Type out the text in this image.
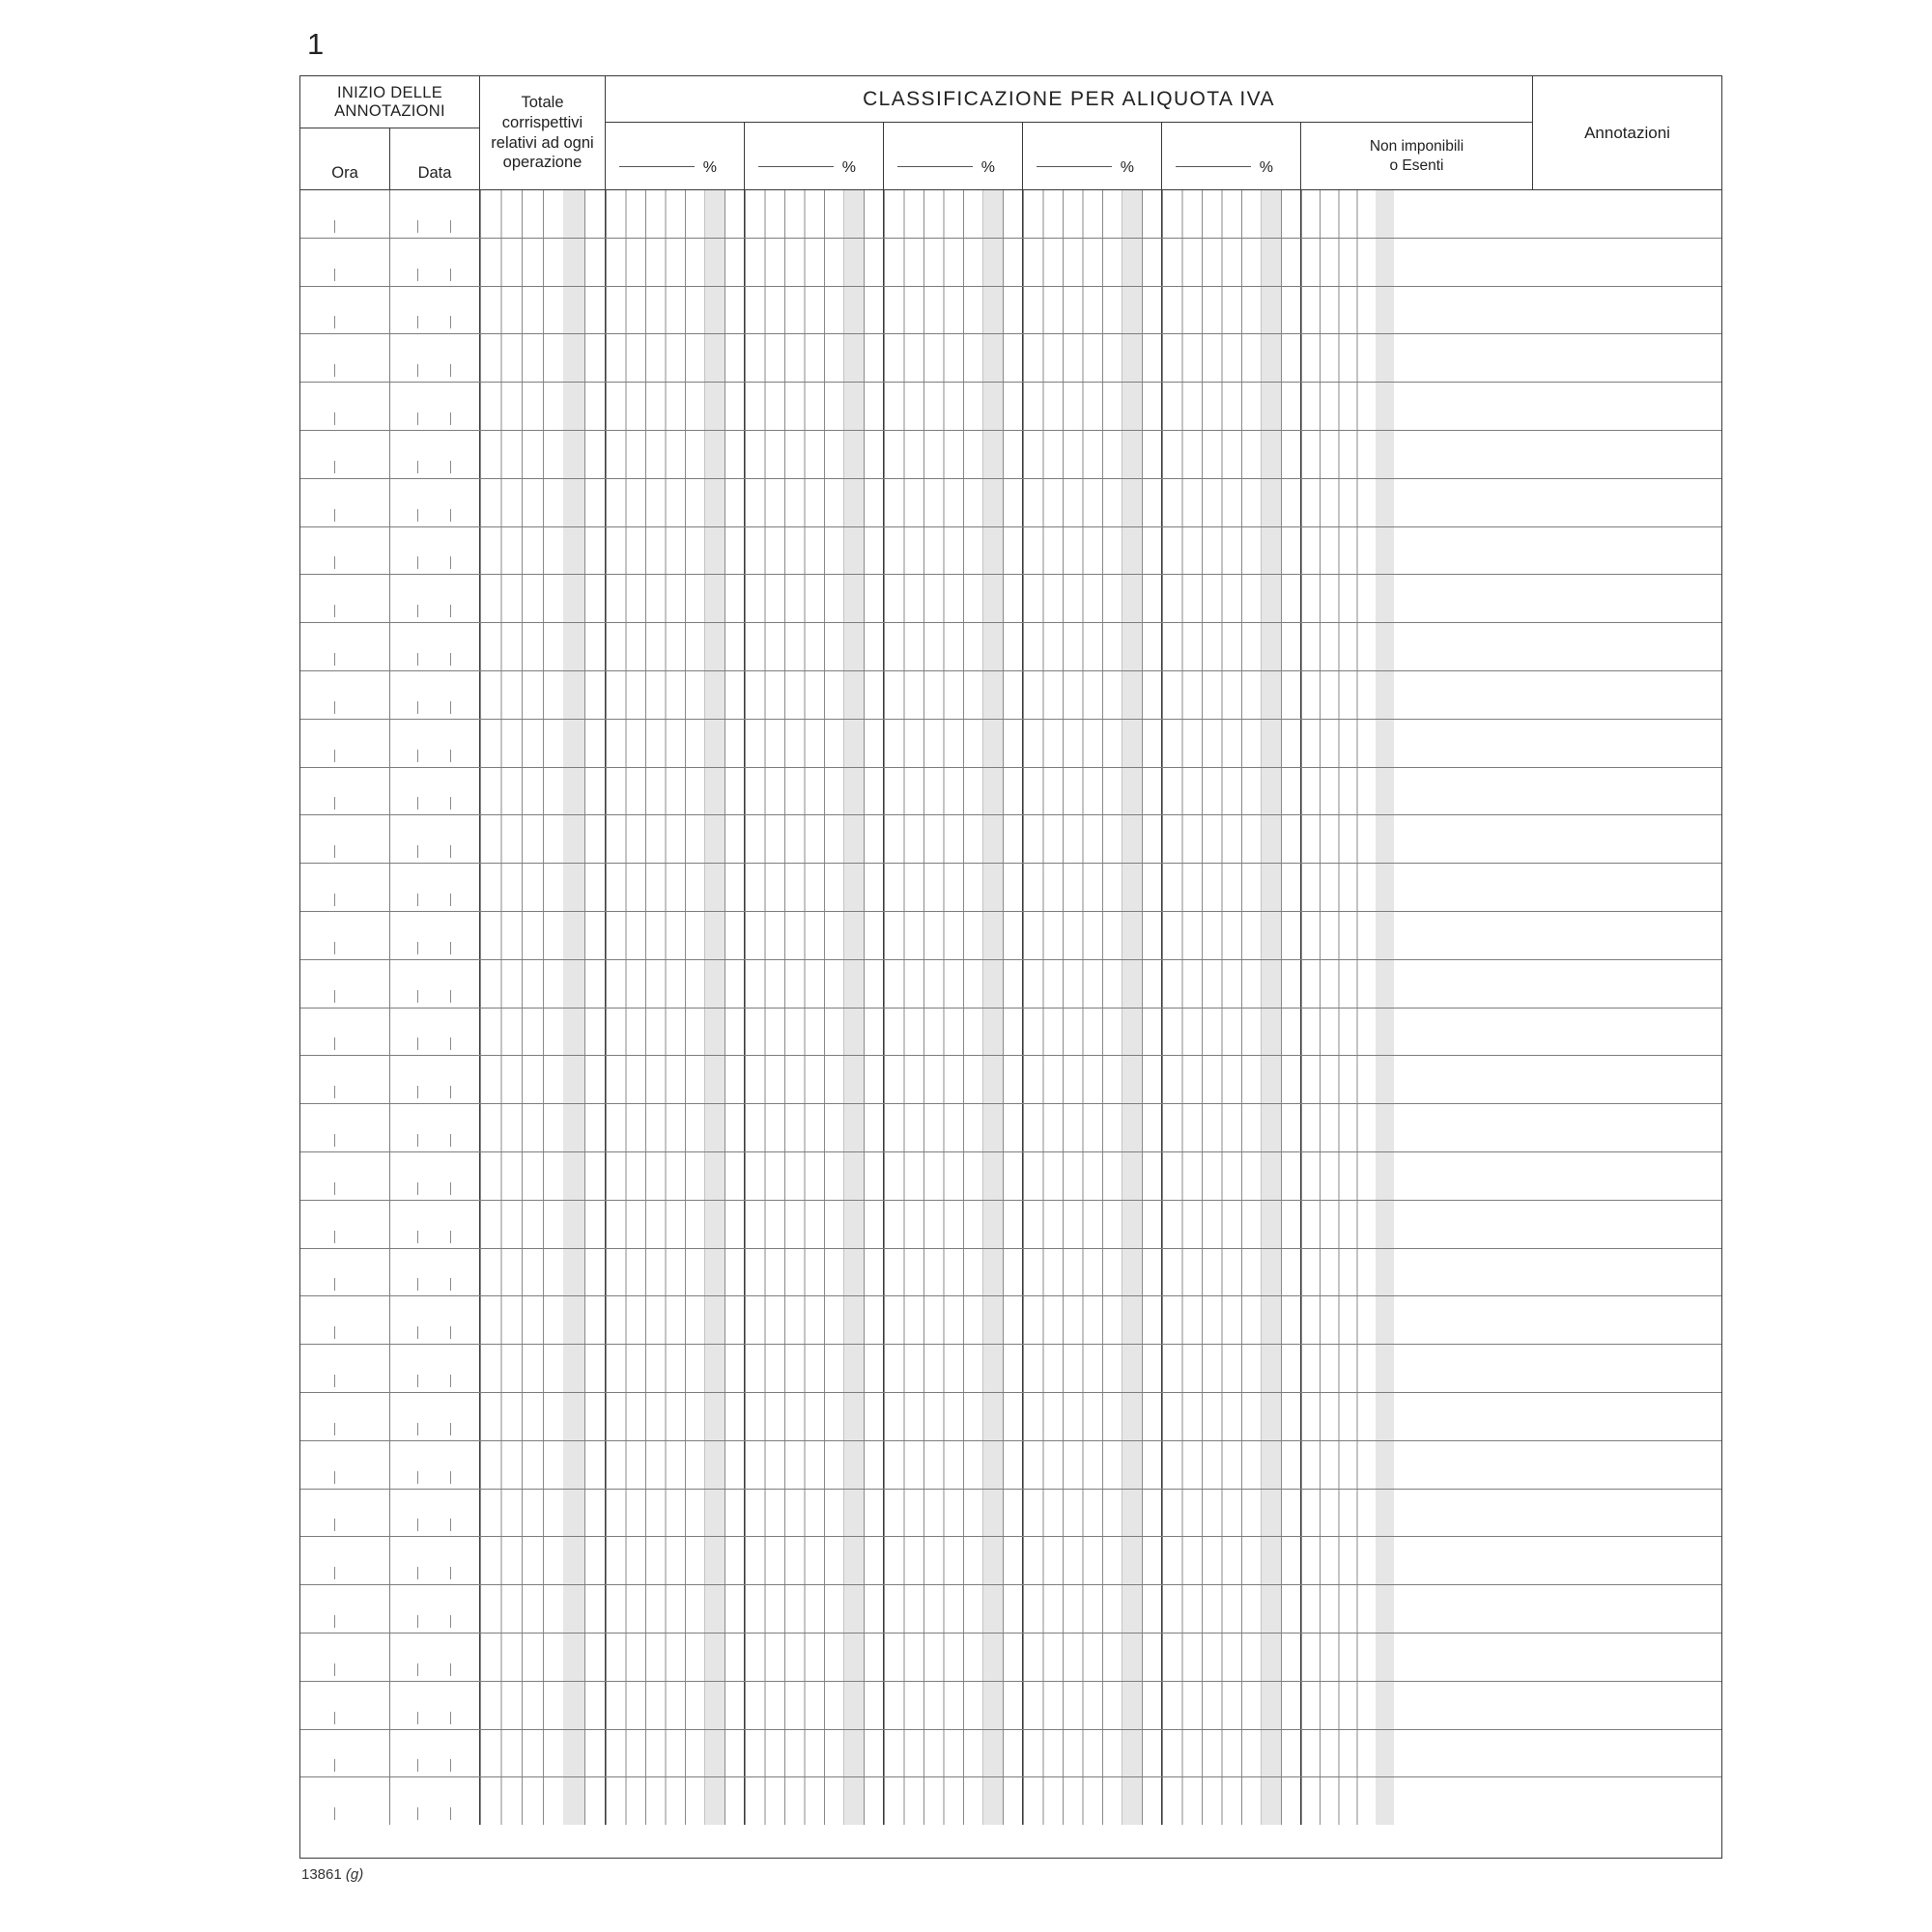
1
INIZIO DELLE
ANNOTAZIONI
Ora	Data
Totale
corrispettivi
relativi ad ogni
operazione
CLASSIFICAZIONE PER ALIQUOTA IVA
%	%	%	%	%
Non imponibili
o Esenti
Annotazioni
13861 (g)
